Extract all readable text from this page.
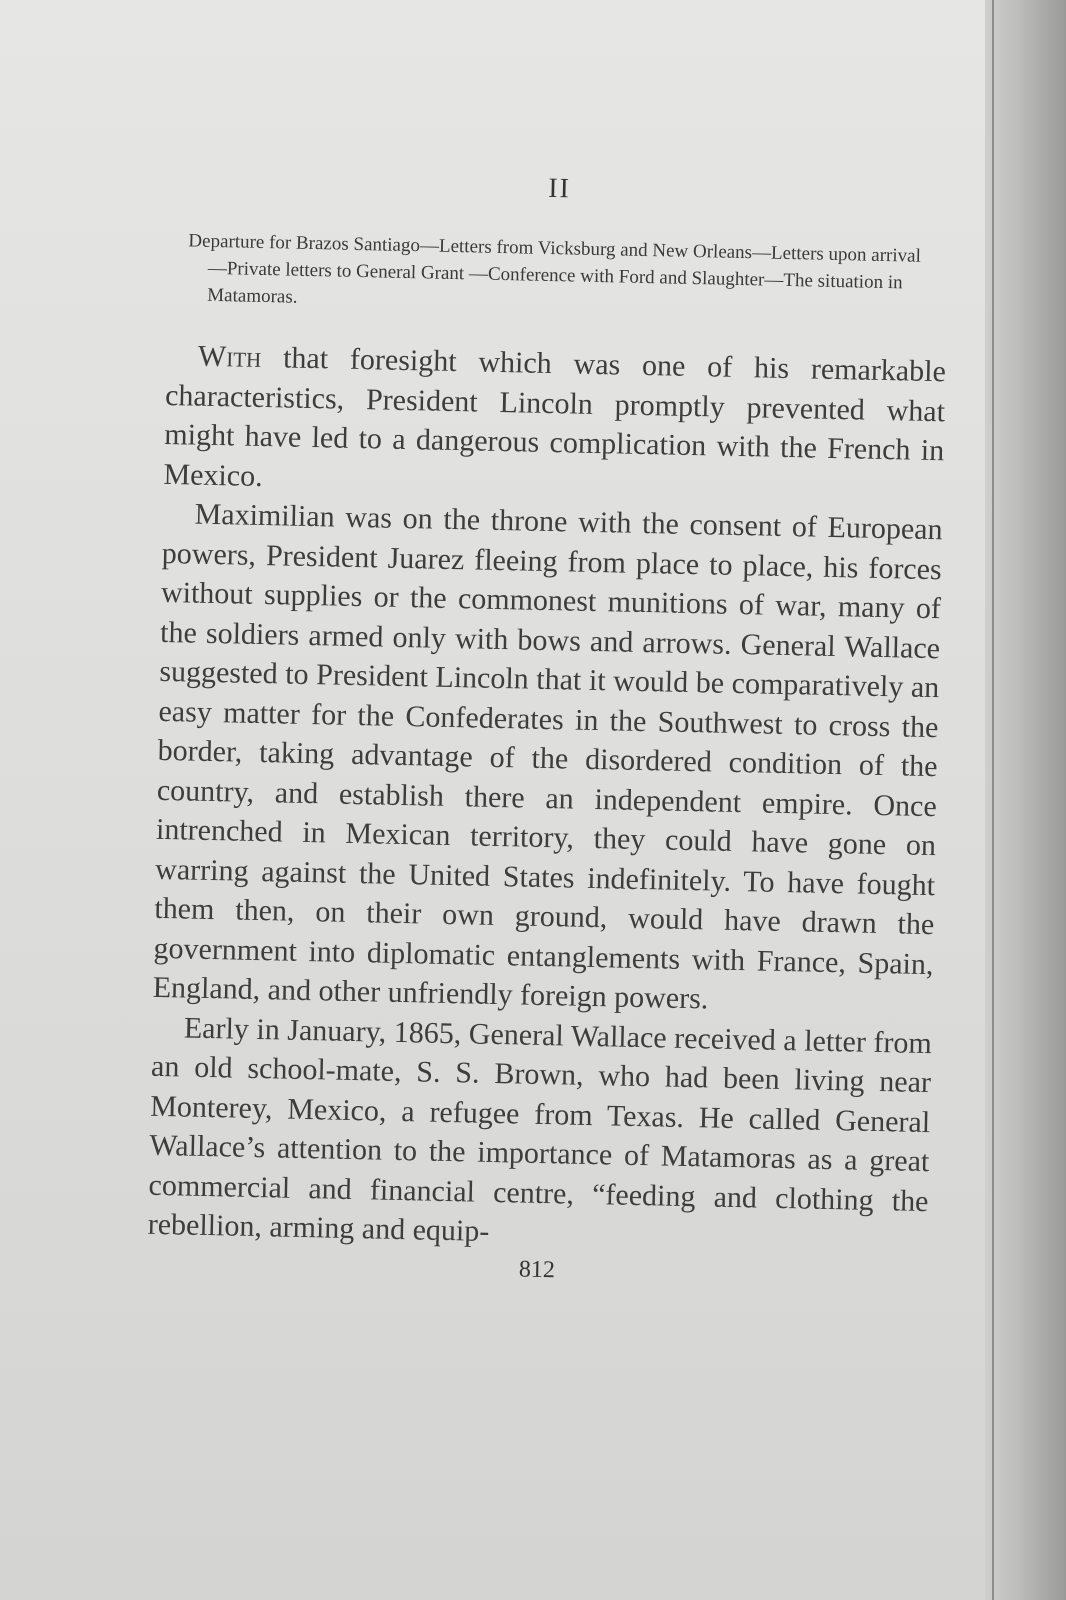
II
Departure for Brazos Santiago—Letters from Vicksburg and New Orleans—Letters upon arrival—Private letters to General Grant —Conference with Ford and Slaughter—The situation in Matamoras.

With that foresight which was one of his remarkable characteristics, President Lincoln promptly prevented what might have led to a dangerous complication with the French in Mexico.

Maximilian was on the throne with the consent of European powers, President Juarez fleeing from place to place, his forces without supplies or the commonest munitions of war, many of the soldiers armed only with bows and arrows. General Wallace suggested to President Lincoln that it would be comparatively an easy matter for the Confederates in the Southwest to cross the border, taking advantage of the disordered condition of the country, and establish there an independent empire. Once intrenched in Mexican territory, they could have gone on warring against the United States indefinitely. To have fought them then, on their own ground, would have drawn the government into diplomatic entanglements with France, Spain, England, and other unfriendly foreign powers.

Early in January, 1865, General Wallace received a letter from an old school-mate, S. S. Brown, who had been living near Monterey, Mexico, a refugee from Texas. He called General Wallace’s attention to the importance of Matamoras as a great commercial and financial centre, “feeding and clothing the rebellion, arming and equip-

812
